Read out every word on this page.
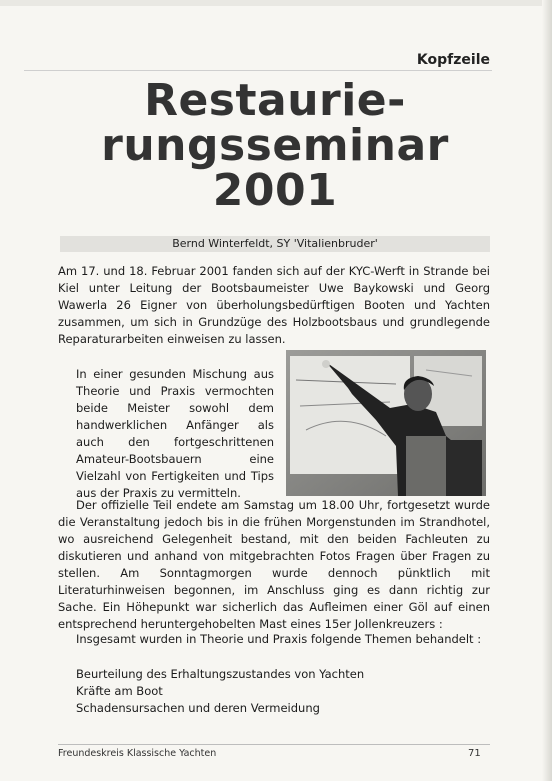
Kopfzeile
Restaurie-
rungsseminar
2001
Bernd Winterfeldt, SY 'Vitalienbruder'

Am 17. und 18. Februar 2001 fanden sich auf der KYC-Werft in Strande bei Kiel unter Leitung der Bootsbaumeister Uwe Baykowski und Georg Wawerla 26 Eigner von überholungsbedürftigen Booten und Yachten zusammen, um sich in Grundzüge des Holzbootsbaus und grundlegende Reparaturarbeiten einweisen zu lassen.

In einer gesunden Mischung aus Theorie und Praxis vermochten beide Meister sowohl dem handwerklichen Anfänger als auch den fortgeschrittenen Amateur-Bootsbauern eine Vielzahl von Fertigkeiten und Tips aus der Praxis zu vermitteln.

Der offizielle Teil endete am Samstag um 18.00 Uhr, fortgesetzt wurde die Veranstaltung jedoch bis in die frühen Morgenstunden im Strandhotel, wo ausreichend Gelegenheit bestand, mit den beiden Fachleuten zu diskutieren und anhand von mitgebrachten Fotos Fragen über Fragen zu stellen. Am Sonntagmorgen wurde dennoch pünktlich mit Literaturhinweisen begonnen, im Anschluss ging es dann richtig zur Sache. Ein Höhepunkt war sicherlich das Aufleimen einer Göl auf einen entsprechend heruntergehobelten Mast eines 15er Jollenkreuzers :

Insgesamt wurden in Theorie und Praxis folgende Themen behandelt :

Beurteilung des Erhaltungszustandes von Yachten
Kräfte am Boot
Schadensursachen und deren Vermeidung
Freundeskreis Klassische Yachten	71
